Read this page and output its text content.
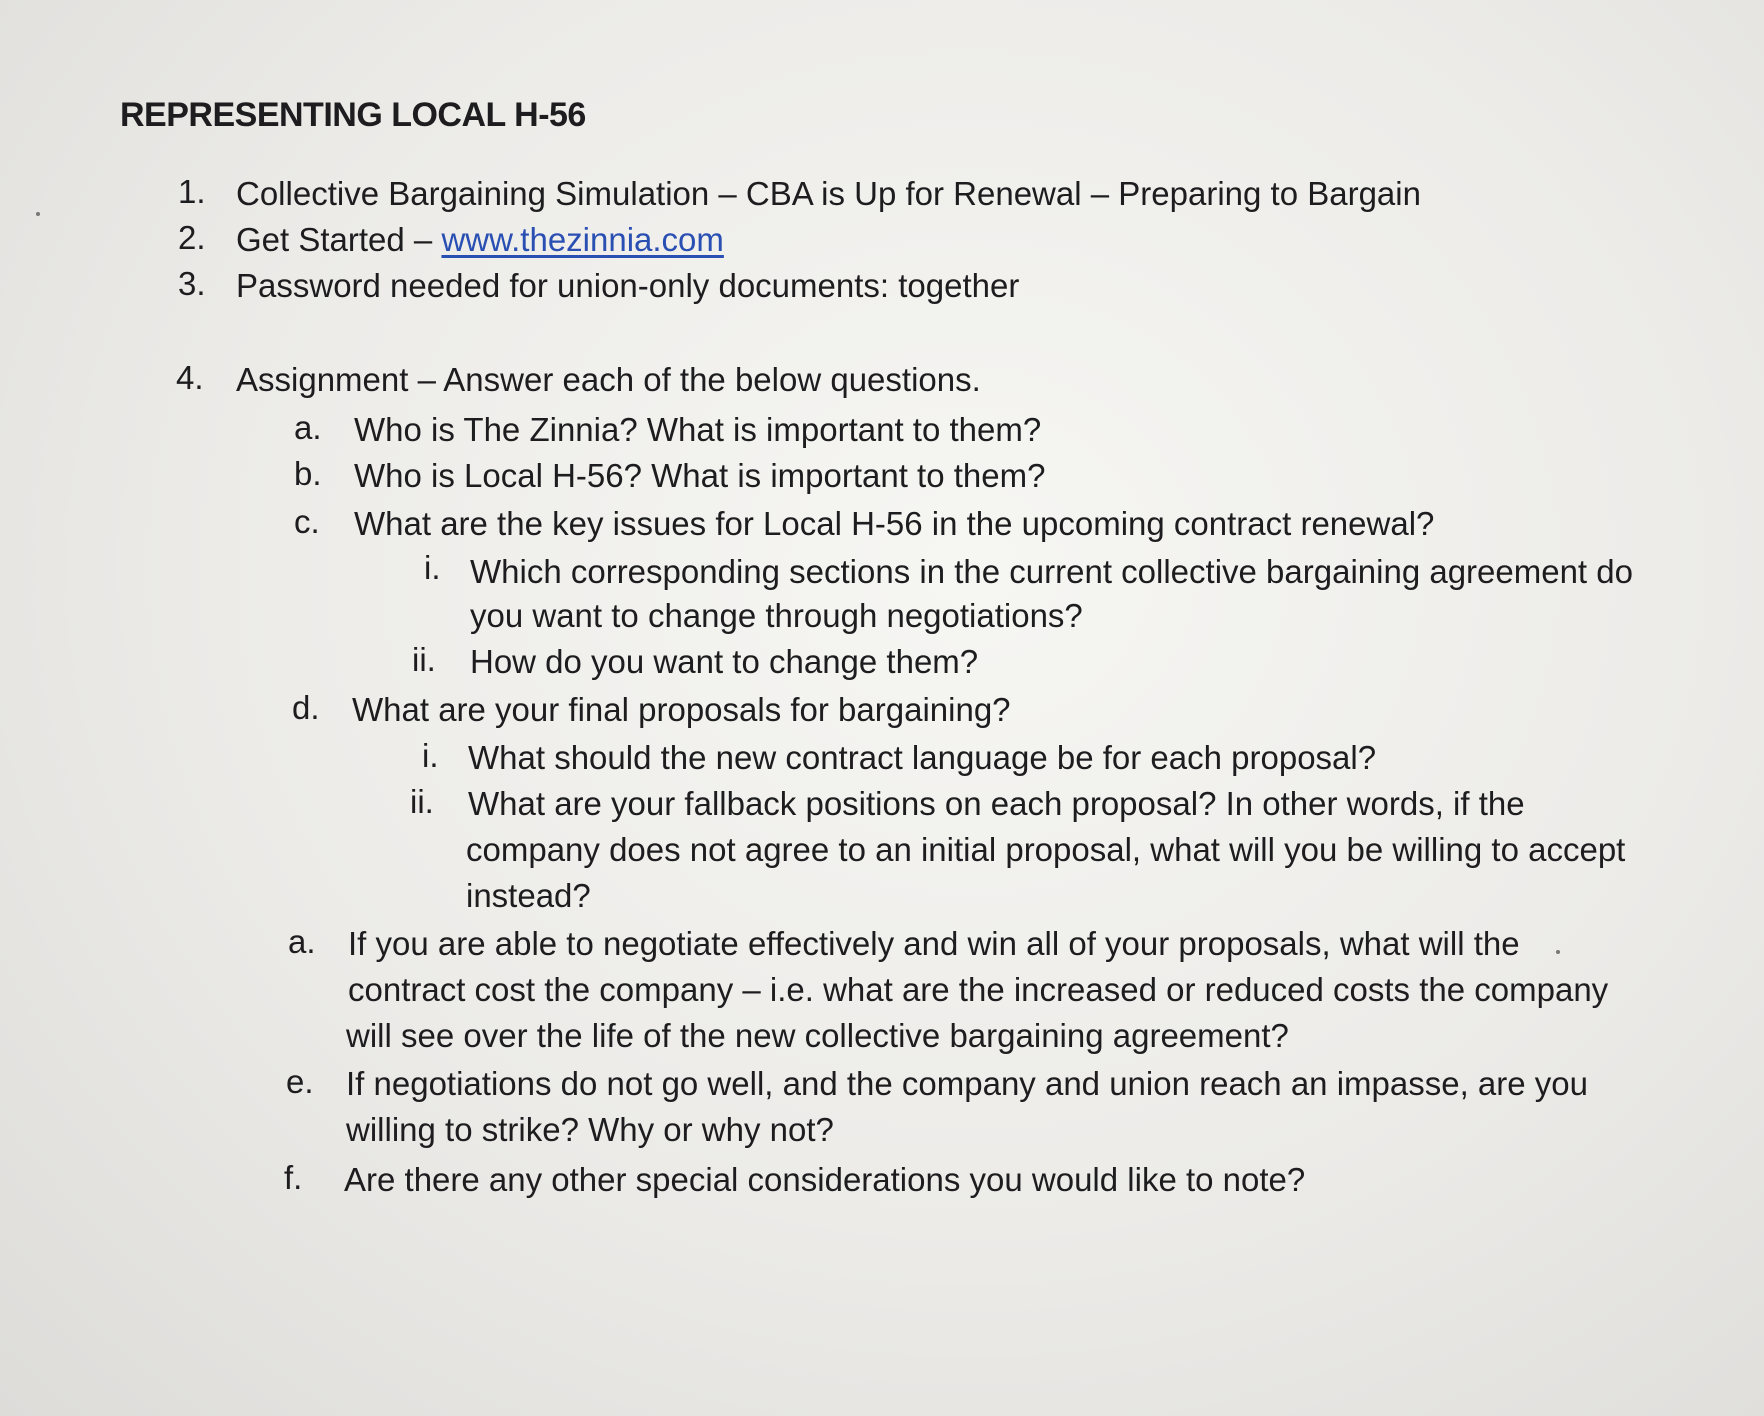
REPRESENTING LOCAL H-56
1. Collective Bargaining Simulation – CBA is Up for Renewal – Preparing to Bargain
2. Get Started – www.thezinnia.com
3. Password needed for union-only documents: together
4. Assignment – Answer each of the below questions.
a. Who is The Zinnia? What is important to them?
b. Who is Local H-56? What is important to them?
c. What are the key issues for Local H-56 in the upcoming contract renewal?
i. Which corresponding sections in the current collective bargaining agreement do
you want to change through negotiations?
ii. How do you want to change them?
d. What are your final proposals for bargaining?
i. What should the new contract language be for each proposal?
ii. What are your fallback positions on each proposal? In other words, if the
company does not agree to an initial proposal, what will you be willing to accept
instead?
a. If you are able to negotiate effectively and win all of your proposals, what will the
contract cost the company – i.e. what are the increased or reduced costs the company
will see over the life of the new collective bargaining agreement?
e. If negotiations do not go well, and the company and union reach an impasse, are you
willing to strike? Why or why not?
f. Are there any other special considerations you would like to note?
